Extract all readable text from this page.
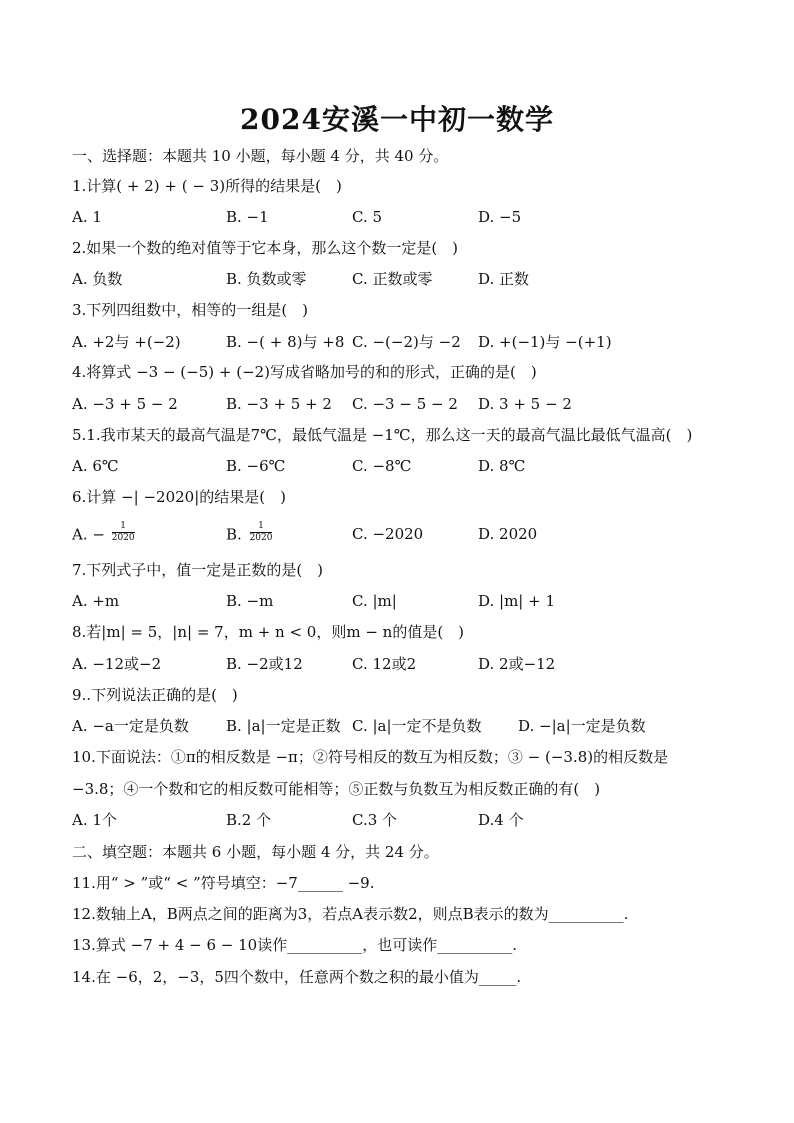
2024安溪一中初一数学
一、选择题：本题共 10 小题，每小题 4 分，共 40 分。
1.计算( + 2) + ( − 3)所得的结果是(　)
A. 1	B. −1	C. 5	D. −5
2.如果一个数的绝对值等于它本身，那么这个数一定是(　)
A. 负数	B. 负数或零	C. 正数或零	D. 正数
3.下列四组数中，相等的一组是(　)
A. +2与 +(−2)	B. −( + 8)与 +8 C. −(−2)与 −2 D. +(−1)与 −(+1)
4.将算式 −3 − (−5) + (−2)写成省略加号的和的形式，正确的是(　)
A. −3 + 5 − 2	B. −3 + 5 + 2 C. −3 − 5 − 2 D. 3 + 5 − 2
5.1.我市某天的最高气温是7℃，最低气温是 −1℃，那么这一天的最高气温比最低气温高(　)
A. 6℃	B. −6℃	C. −8℃	D. 8℃
6.计算 −| −2020|的结果是(　)
A. − $\frac{1}{2020}$	B. $\frac{1}{2020}$	C. −2020	D. 2020
7.下列式子中，值一定是正数的是(　)
A. +m	B. −m	C. |m|	D. |m| + 1
8.若|m| = 5，|n| = 7，m + n < 0，则m − n的值是(　)
A. −12或−2	B. −2或12	C. 12或2	D. 2或−12
9..下列说法正确的是(　)
A. −a一定是负数 B. |a|一定是正数 C. |a|一定不是负数 D. −|a|一定是负数
10.下面说法：①π的相反数是 −π；②符号相反的数互为相反数；③ − (−3.8)的相反数是
−3.8；④一个数和它的相反数可能相等；⑤正数与负数互为相反数正确的有(　)
A. 1个	B.2 个	C.3 个	D.4 个
二、填空题：本题共 6 小题，每小题 4 分，共 24 分。
11.用“ > ”或“ < ”符号填空：−7______ −9.
12.数轴上A，B两点之间的距离为3，若点A表示数2，则点B表示的数为__________.
13.算式 −7 + 4 − 6 − 10读作__________，也可读作__________.
14.在 −6，2，−3，5四个数中，任意两个数之积的最小值为_____.
